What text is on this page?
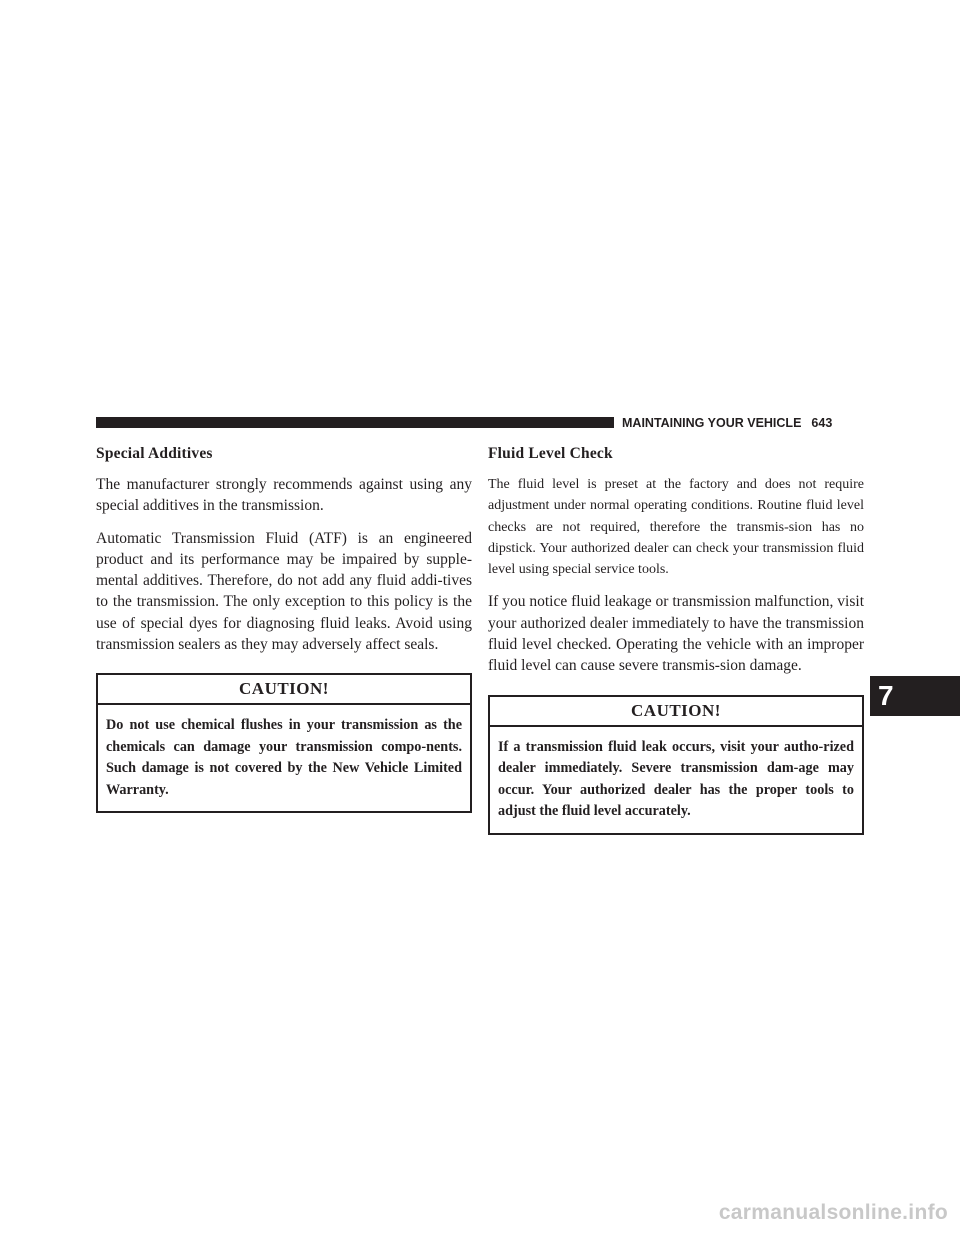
MAINTAINING YOUR VEHICLE 643
Special Additives

The manufacturer strongly recommends against using any special additives in the transmission.

Automatic Transmission Fluid (ATF) is an engineered product and its performance may be impaired by supple-mental additives. Therefore, do not add any fluid addi-tives to the transmission. The only exception to this policy is the use of special dyes for diagnosing fluid leaks. Avoid using transmission sealers as they may adversely affect seals.

CAUTION!
Do not use chemical flushes in your transmission as the chemicals can damage your transmission compo-nents. Such damage is not covered by the New Vehicle Limited Warranty.
Fluid Level Check

The fluid level is preset at the factory and does not require adjustment under normal operating conditions. Routine fluid level checks are not required, therefore the transmis-sion has no dipstick. Your authorized dealer can check your transmission fluid level using special service tools.

If you notice fluid leakage or transmission malfunction, visit your authorized dealer immediately to have the transmission fluid level checked. Operating the vehicle with an improper fluid level can cause severe transmis-sion damage.

CAUTION!
If a transmission fluid leak occurs, visit your autho-rized dealer immediately. Severe transmission dam-age may occur. Your authorized dealer has the proper tools to adjust the fluid level accurately.
7
carmanualsonline.info
